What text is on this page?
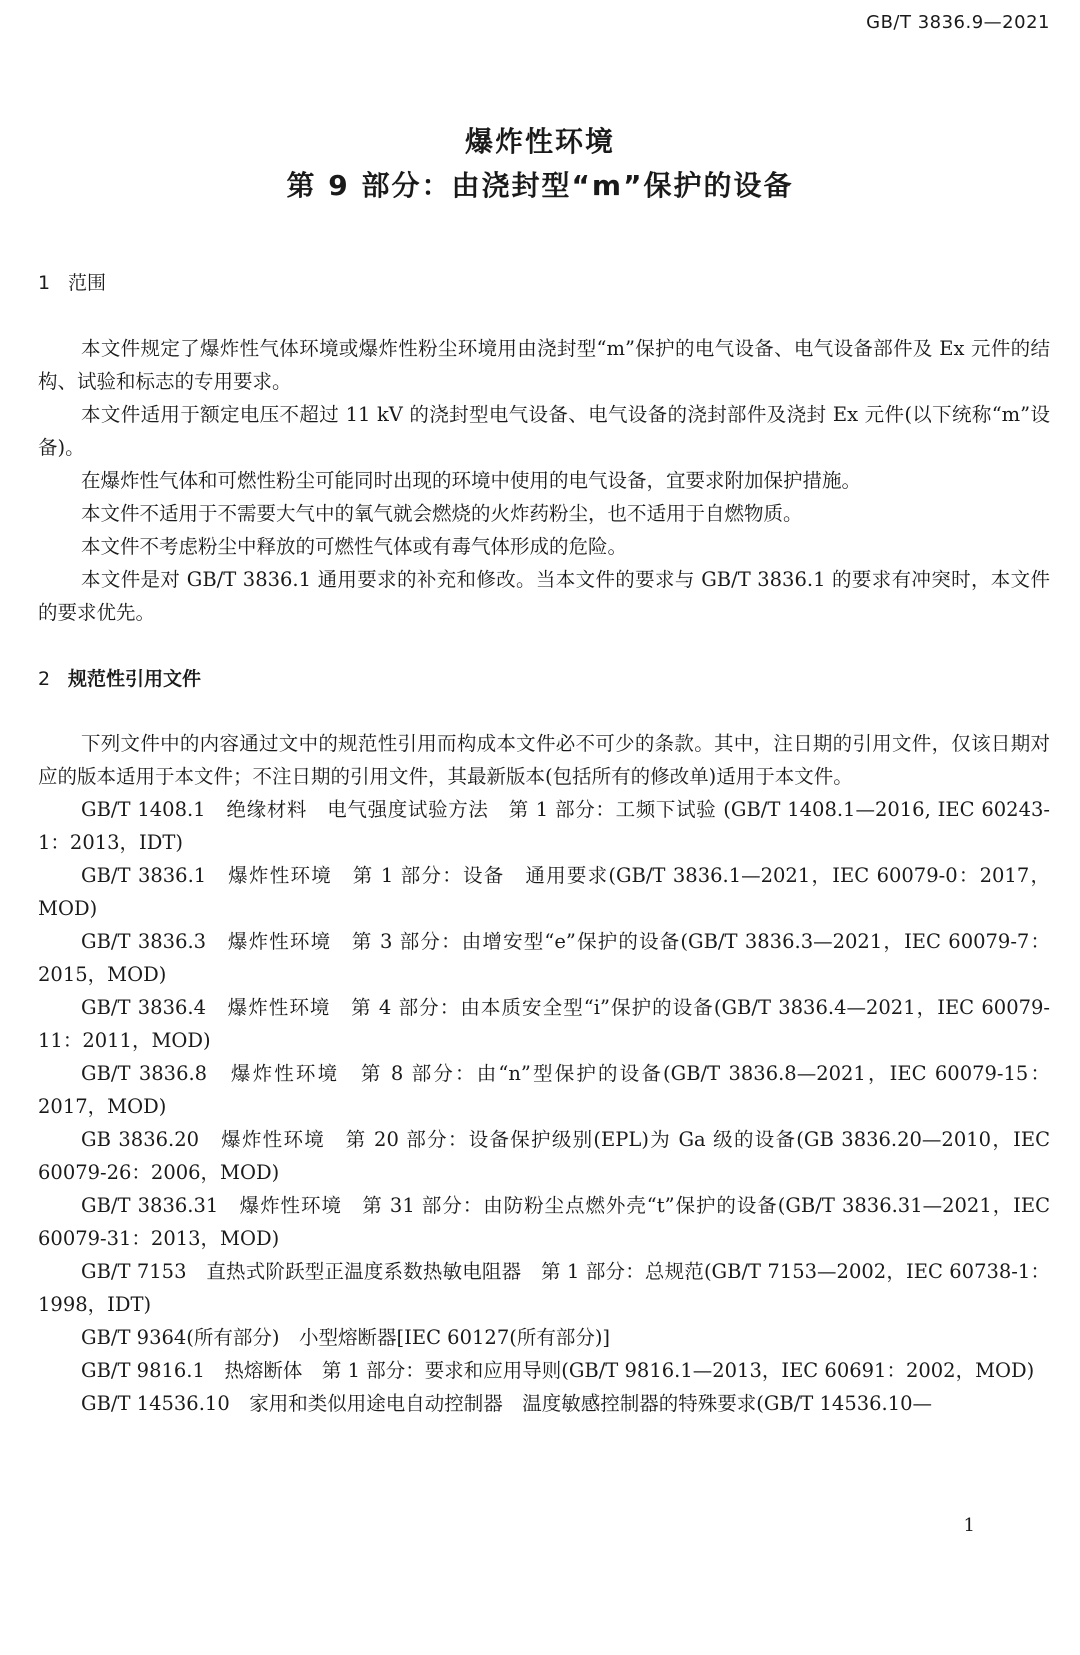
GB/T 3836.9—2021
爆炸性环境
第 9 部分：由浇封型“m”保护的设备
1 范围

本文件规定了爆炸性气体环境或爆炸性粉尘环境用由浇封型“m”保护的电气设备、电气设备部件及 Ex 元件的结构、试验和标志的专用要求。

本文件适用于额定电压不超过 11 kV 的浇封型电气设备、电气设备的浇封部件及浇封 Ex 元件(以下统称“m”设备)。

在爆炸性气体和可燃性粉尘可能同时出现的环境中使用的电气设备，宜要求附加保护措施。

本文件不适用于不需要大气中的氧气就会燃烧的火炸药粉尘，也不适用于自燃物质。

本文件不考虑粉尘中释放的可燃性气体或有毒气体形成的危险。

本文件是对 GB/T 3836.1 通用要求的补充和修改。当本文件的要求与 GB/T 3836.1 的要求有冲突时，本文件的要求优先。

2 规范性引用文件

下列文件中的内容通过文中的规范性引用而构成本文件必不可少的条款。其中，注日期的引用文件，仅该日期对应的版本适用于本文件；不注日期的引用文件，其最新版本(包括所有的修改单)适用于本文件。

GB/T 1408.1　绝缘材料　电气强度试验方法　第 1 部分：工频下试验 (GB/T 1408.1—2016, IEC 60243-1：2013，IDT)

GB/T 3836.1　爆炸性环境　第 1 部分：设备　通用要求(GB/T 3836.1—2021，IEC 60079-0：2017，MOD)

GB/T 3836.3　爆炸性环境　第 3 部分：由增安型“e”保护的设备(GB/T 3836.3—2021，IEC 60079-7：2015，MOD)

GB/T 3836.4　爆炸性环境　第 4 部分：由本质安全型“i”保护的设备(GB/T 3836.4—2021，IEC 60079-11：2011，MOD)

GB/T 3836.8　爆炸性环境　第 8 部分：由“n”型保护的设备(GB/T 3836.8—2021，IEC 60079-15：2017，MOD)

GB 3836.20　爆炸性环境　第 20 部分：设备保护级别(EPL)为 Ga 级的设备(GB 3836.20—2010，IEC 60079-26：2006，MOD)

GB/T 3836.31　爆炸性环境　第 31 部分：由防粉尘点燃外壳“t”保护的设备(GB/T 3836.31—2021，IEC 60079-31：2013，MOD)

GB/T 7153　直热式阶跃型正温度系数热敏电阻器　第 1 部分：总规范(GB/T 7153—2002，IEC 60738-1：1998，IDT)

GB/T 9364(所有部分)　小型熔断器[IEC 60127(所有部分)]

GB/T 9816.1　热熔断体　第 1 部分：要求和应用导则(GB/T 9816.1—2013，IEC 60691：2002，MOD)

GB/T 14536.10　家用和类似用途电自动控制器　温度敏感控制器的特殊要求(GB/T 14536.10—

1
